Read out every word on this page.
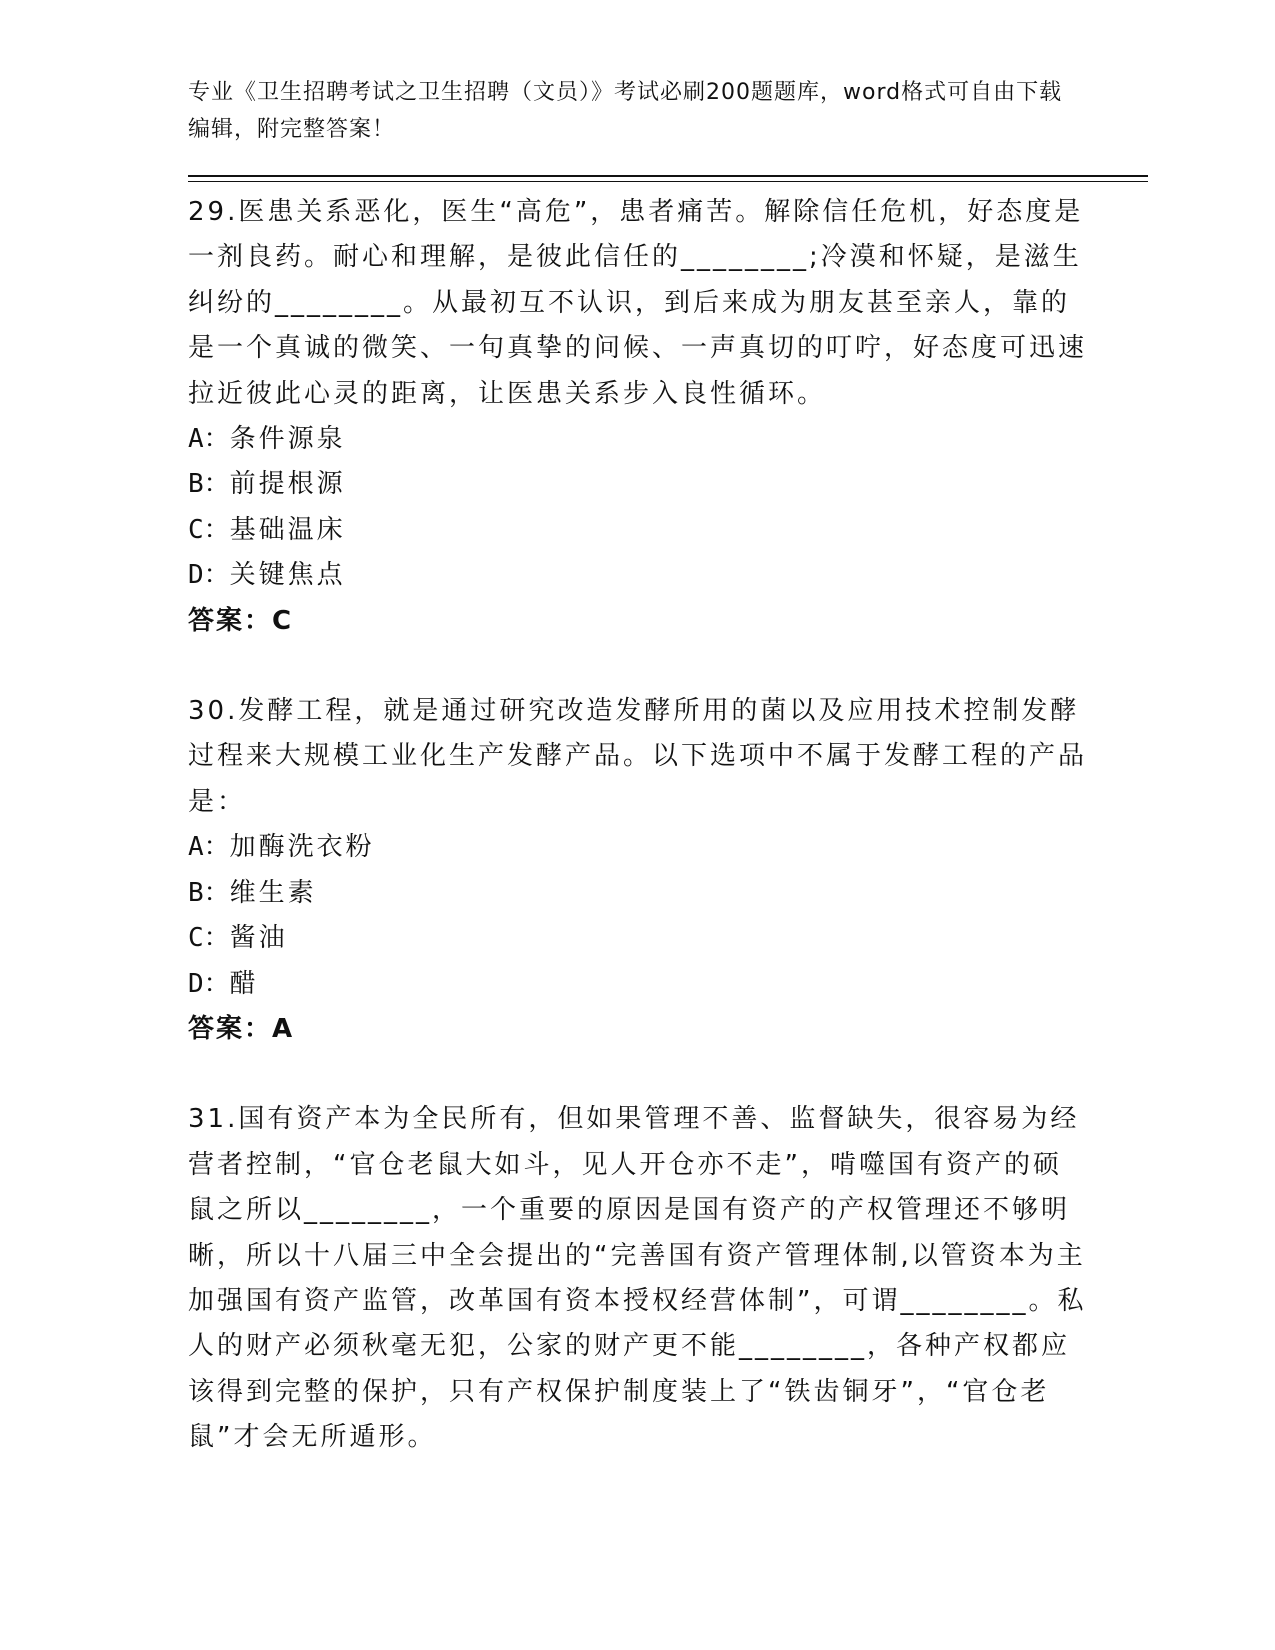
专业《卫生招聘考试之卫生招聘（文员）》考试必刷200题题库，word格式可自由下载编辑，附完整答案！

29.医患关系恶化，医生“高危”，患者痛苦。解除信任危机，好态度是一剂良药。耐心和理解，是彼此信任的________;冷漠和怀疑，是滋生纠纷的________。从最初互不认识，到后来成为朋友甚至亲人，靠的是一个真诚的微笑、一句真挚的问候、一声真切的叮咛，好态度可迅速拉近彼此心灵的距离，让医患关系步入良性循环。

A：条件源泉

B：前提根源

C：基础温床

D：关键焦点

答案：C

30.发酵工程，就是通过研究改造发酵所用的菌以及应用技术控制发酵过程来大规模工业化生产发酵产品。以下选项中不属于发酵工程的产品是：

A：加酶洗衣粉

B：维生素

C：酱油

D：醋

答案：A

31.国有资产本为全民所有，但如果管理不善、监督缺失，很容易为经营者控制，“官仓老鼠大如斗，见人开仓亦不走”，啃噬国有资产的硕鼠之所以________，一个重要的原因是国有资产的产权管理还不够明晰，所以十八届三中全会提出的“完善国有资产管理体制,以管资本为主加强国有资产监管，改革国有资本授权经营体制”，可谓________。私人的财产必须秋毫无犯，公家的财产更不能________，各种产权都应该得到完整的保护，只有产权保护制度装上了“铁齿铜牙”，“官仓老鼠”才会无所遁形。
